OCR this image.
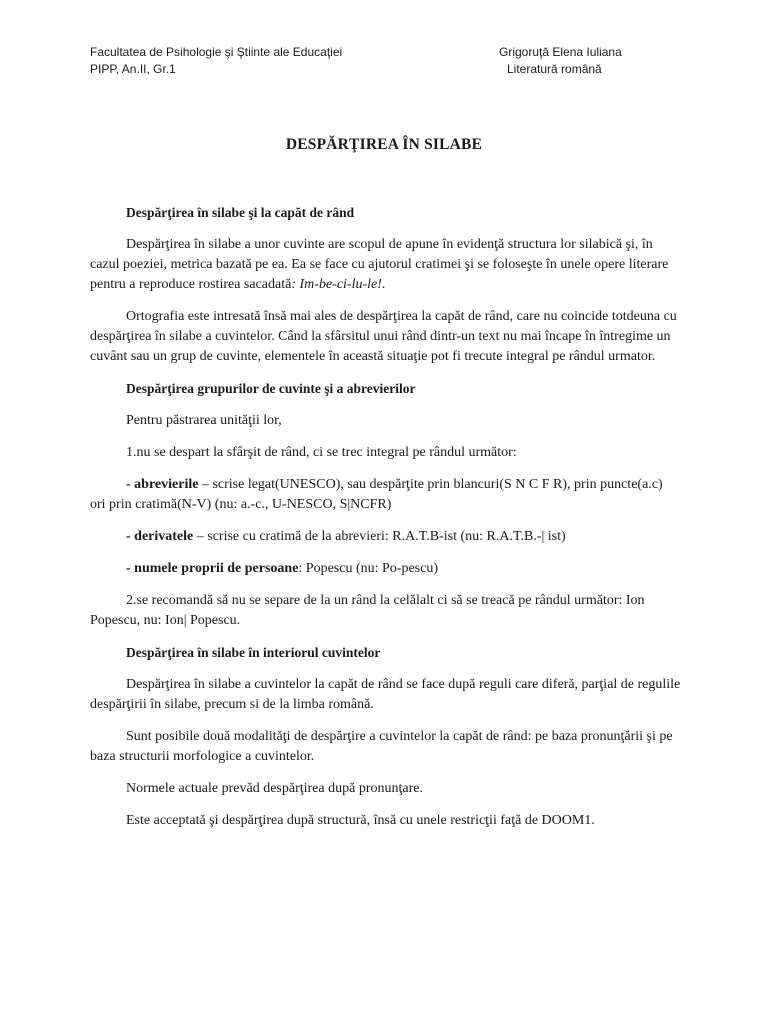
Facultatea de Psihologie şi Ştiinte ale Educaţiei
PIPP, An.II, Gr.1
Grigoruţă Elena Iuliana
Literatură română
DESPĂRŢIREA ÎN SILABE

Despărţirea în silabe şi la capăt de rând

Despărţirea în silabe a unor cuvinte are scopul de apune în evidenţă structura lor silabică şi, în cazul poeziei, metrica bazată pe ea. Ea se face cu ajutorul cratimei şi se foloseşte în unele opere literare pentru a reproduce rostirea sacadată: Im-be-ci-lu-le!.

Ortografia este intresată însă mai ales de despărţirea la capăt de rând, care nu coincide totdeuna cu despărţirea în silabe a cuvintelor. Când la sfârsitul unui rând dintr-un text nu mai încape în întregime un cuvânt sau un grup de cuvinte, elementele în această situaţie pot fi trecute integral pe rândul urmator.

Despărţirea grupurilor de cuvinte şi a abrevierilor

Pentru păstrarea unităţii lor,

1.nu se despart la sfârşit de rând, ci se trec integral pe rândul următor:

- abrevierile – scrise legat(UNESCO), sau despărţite prin blancuri(S N C F R), prin puncte(a.c) ori prin cratimă(N-V) (nu: a.-c., U-NESCO, S|NCFR)

- derivatele – scrise cu cratimă de la abrevieri: R.A.T.B-ist (nu: R.A.T.B.-| ist)

- numele proprii de persoane: Popescu (nu: Po-pescu)

2.se recomandă să nu se separe de la un rând la celălalt ci să se treacă pe rândul următor: Ion Popescu, nu: Ion| Popescu.

Despărţirea în silabe în interiorul cuvintelor

Despărţirea în silabe a cuvintelor la capăt de rând se face după reguli care diferă, parţial de regulile despărţirii în silabe, precum si de la limba română.

Sunt posibile două modalităţi de despărţire a cuvintelor la capăt de rând: pe baza pronunţării şi pe baza structurii morfologice a cuvintelor.

Normele actuale prevăd despărţirea după pronunţare.

Este acceptată şi despărţirea după structură, însă cu unele restricţii faţă de DOOM1.
